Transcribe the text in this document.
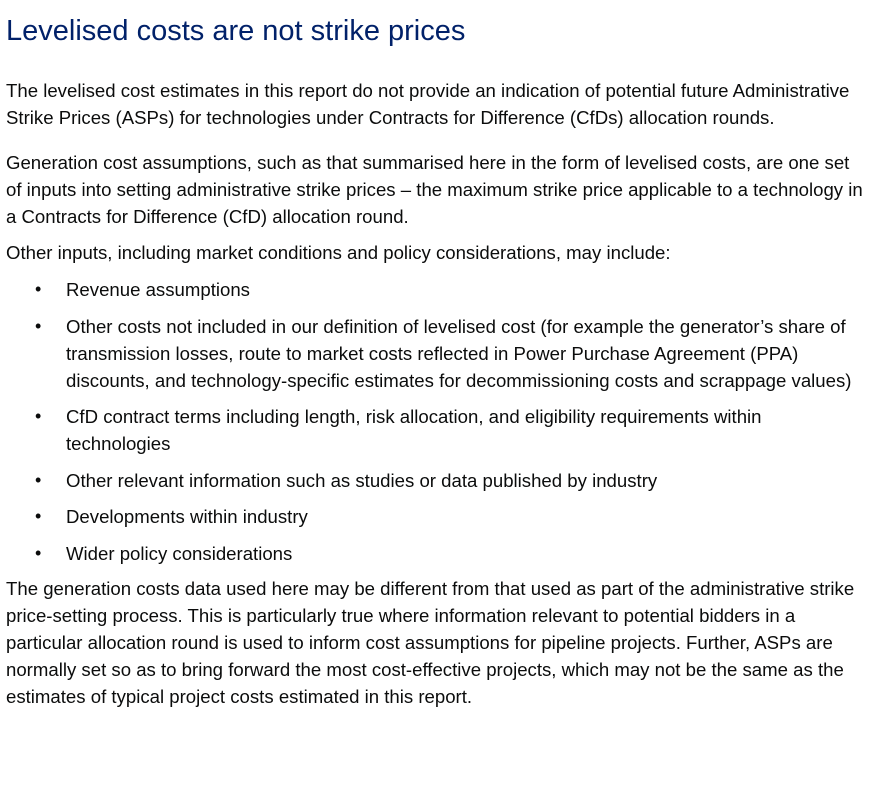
Levelised costs are not strike prices

The levelised cost estimates in this report do not provide an indication of potential future Administrative Strike Prices (ASPs) for technologies under Contracts for Difference (CfDs) allocation rounds.

Generation cost assumptions, such as that summarised here in the form of levelised costs, are one set of inputs into setting administrative strike prices – the maximum strike price applicable to a technology in a Contracts for Difference (CfD) allocation round.

Other inputs, including market conditions and policy considerations, may include:

• Revenue assumptions
• Other costs not included in our definition of levelised cost (for example the generator’s share of transmission losses, route to market costs reflected in Power Purchase Agreement (PPA) discounts, and technology-specific estimates for decommissioning costs and scrappage values)
• CfD contract terms including length, risk allocation, and eligibility requirements within technologies
• Other relevant information such as studies or data published by industry
• Developments within industry
• Wider policy considerations

The generation costs data used here may be different from that used as part of the administrative strike price-setting process. This is particularly true where information relevant to potential bidders in a particular allocation round is used to inform cost assumptions for pipeline projects. Further, ASPs are normally set so as to bring forward the most cost-effective projects, which may not be the same as the estimates of typical project costs estimated in this report.
